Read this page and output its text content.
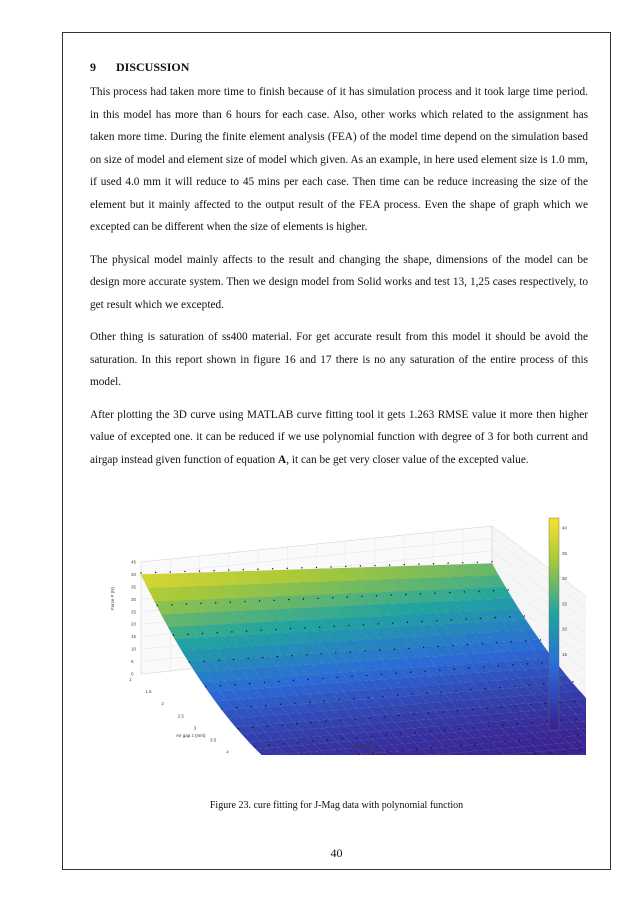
9 DISCUSSION

This process had taken more time to finish because of it has simulation process and it took large time period. in this model has more than 6 hours for each case. Also, other works which related to the assignment has taken more time. During the finite element analysis (FEA) of the model time depend on the simulation based on size of model and element size of model which given. As an example, in here used element size is 1.0 mm, if used 4.0 mm it will reduce to 45 mins per each case. Then time can be reduce increasing the size of the element but it mainly affected to the output result of the FEA process. Even the shape of graph which we excepted can be different when the size of elements is higher.

The physical model mainly affects to the result and changing the shape, dimensions of the model can be design more accurate system. Then we design model from Solid works and test 13, 1,25 cases respectively, to get result which we excepted.

Other thing is saturation of ss400 material. For get accurate result from this model it should be avoid the saturation. In this report shown in figure 16 and 17 there is no any saturation of the entire process of this model.

After plotting the 3D curve using MATLAB curve fitting tool it gets 1.263 RMSE value it more then higher value of excepted one. it can be reduced if we use polynomial function with degree of 3 for both current and airgap instead given function of equation A, it can be get very closer value of the excepted value.

45
40
35
30
25
20
15
10
5
0
1
1.5
2
2.5
3
3.5
4
Force F (N)
Air gap z (mm)
Current I (A)
40
35
30
25
20
15
10
5
0
Figure 23. cure fitting for J-Mag data with polynomial function
40
